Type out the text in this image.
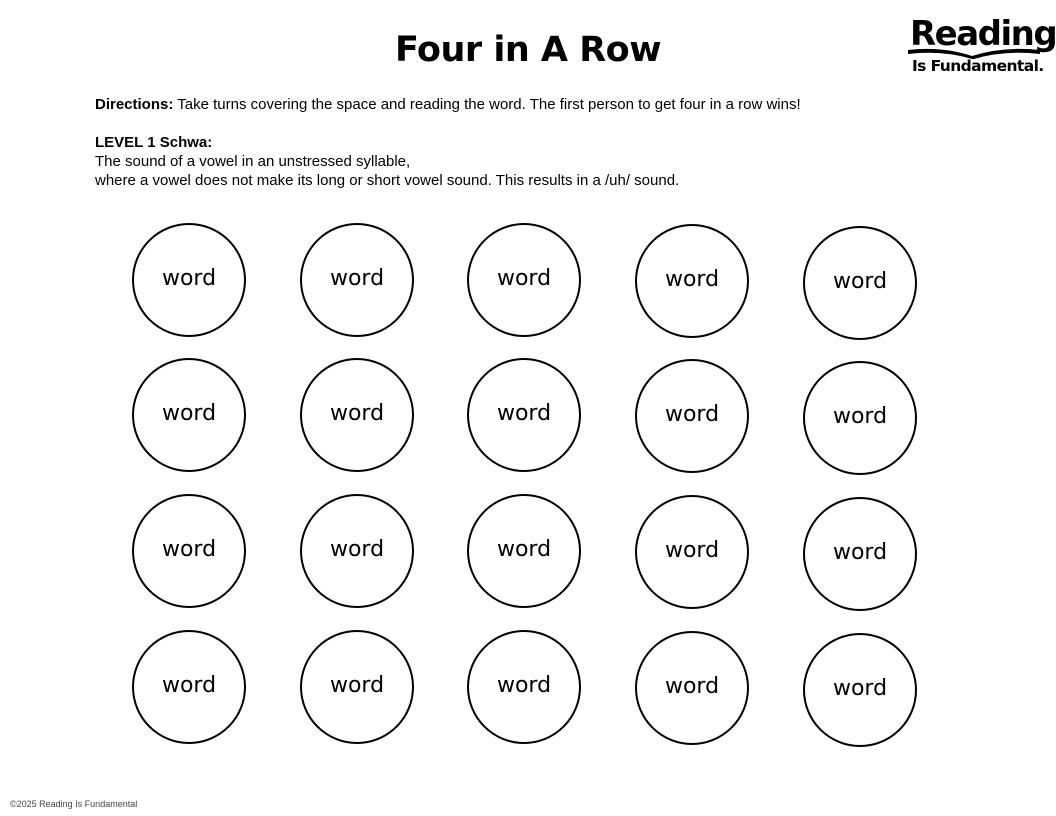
Four in A Row	Reading
Is Fundamental.
Directions: Take turns covering the space and reading the word. The first person to get four in a row wins!
LEVEL 1 Schwa:
The sound of a vowel in an unstressed syllable,
where a vowel does not make its long or short vowel sound. This results in a /uh/ sound.
word	word	word	word	word
word	word	word	word	word
word	word	word	word	word
word	word	word	word	word
©2025 Reading Is Fundamental
